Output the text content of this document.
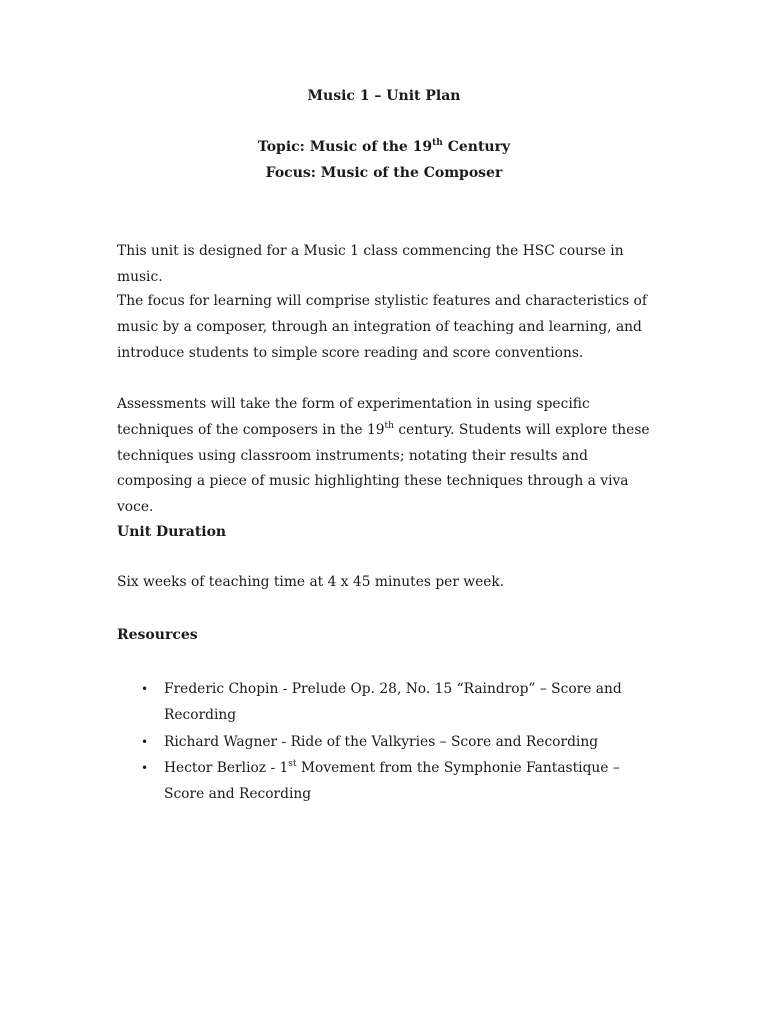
Music 1 – Unit Plan
Topic: Music of the 19th Century
Focus: Music of the Composer

This unit is designed for a Music 1 class commencing the HSC course in music.

The focus for learning will comprise stylistic features and characteristics of music by a composer, through an integration of teaching and learning, and introduce students to simple score reading and score conventions.

Assessments will take the form of experimentation in using specific techniques of the composers in the 19th century. Students will explore these techniques using classroom instruments; notating their results and composing a piece of music highlighting these techniques through a viva voce.

Unit Duration
Six weeks of teaching time at 4 x 45 minutes per week.
Resources
• Frederic Chopin - Prelude Op. 28, No. 15 “Raindrop” – Score and Recording
• Richard Wagner - Ride of the Valkyries – Score and Recording
• Hector Berlioz - 1st Movement from the Symphonie Fantastique – Score and Recording
